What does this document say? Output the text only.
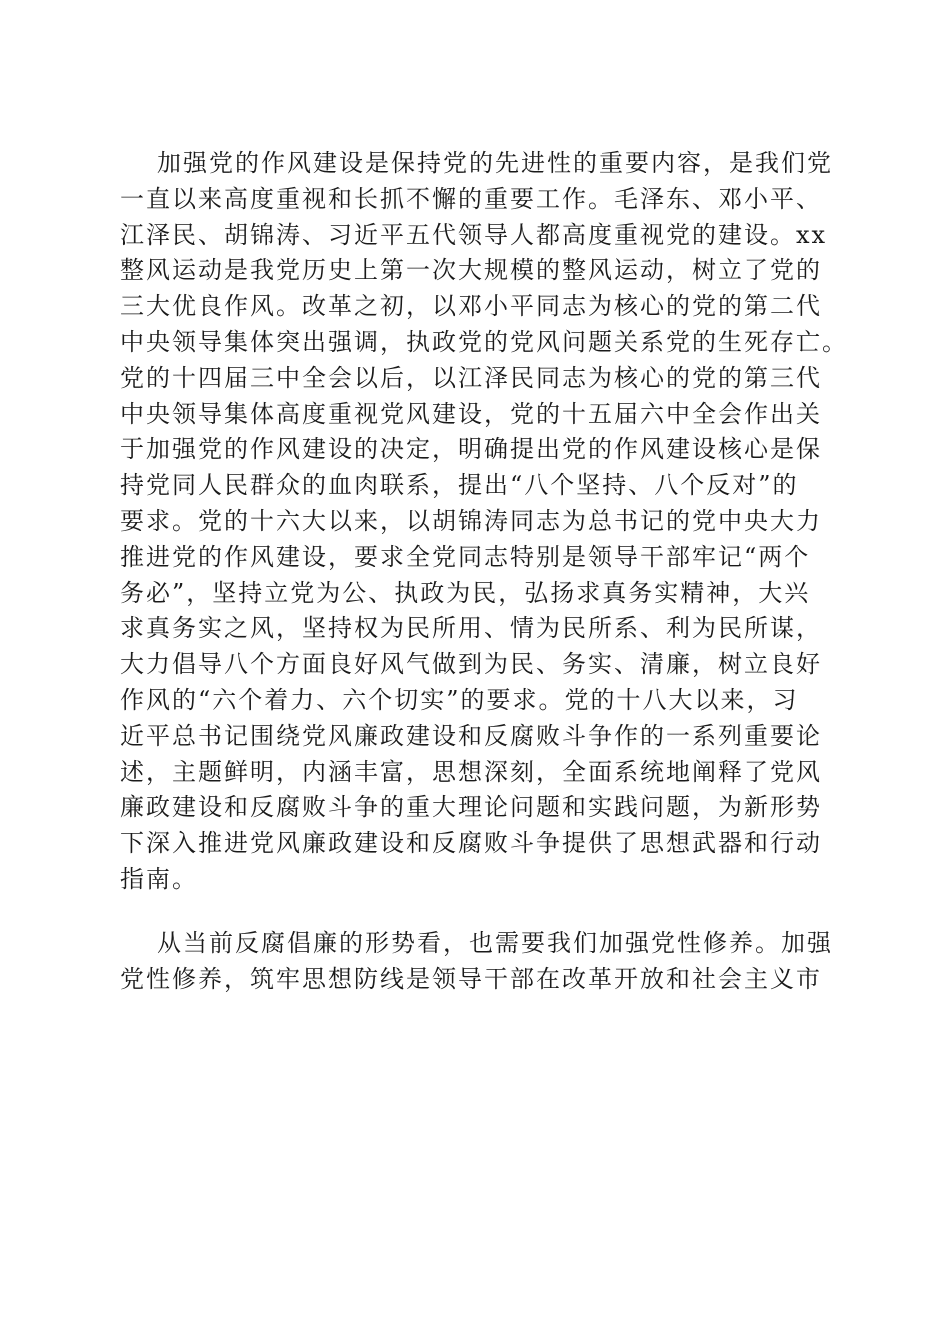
加强党的作风建设是保持党的先进性的重要内容，是我们党
一直以来高度重视和长抓不懈的重要工作。毛泽东、邓小平、
江泽民、胡锦涛、习近平五代领导人都高度重视党的建设。xx
整风运动是我党历史上第一次大规模的整风运动，树立了党的
三大优良作风。改革之初，以邓小平同志为核心的党的第二代
中央领导集体突出强调，执政党的党风问题关系党的生死存亡。
党的十四届三中全会以后，以江泽民同志为核心的党的第三代
中央领导集体高度重视党风建设，党的十五届六中全会作出关
于加强党的作风建设的决定，明确提出党的作风建设核心是保
持党同人民群众的血肉联系，提出“八个坚持、八个反对”的
要求。党的十六大以来，以胡锦涛同志为总书记的党中央大力
推进党的作风建设，要求全党同志特别是领导干部牢记“两个
务必”，坚持立党为公、执政为民，弘扬求真务实精神，大兴
求真务实之风，坚持权为民所用、情为民所系、利为民所谋，
大力倡导八个方面良好风气做到为民、务实、清廉，树立良好
作风的“六个着力、六个切实”的要求。党的十八大以来，习
近平总书记围绕党风廉政建设和反腐败斗争作的一系列重要论
述，主题鲜明，内涵丰富，思想深刻，全面系统地阐释了党风
廉政建设和反腐败斗争的重大理论问题和实践问题，为新形势
下深入推进党风廉政建设和反腐败斗争提供了思想武器和行动
指南。
从当前反腐倡廉的形势看，也需要我们加强党性修养。加强
党性修养，筑牢思想防线是领导干部在改革开放和社会主义市
